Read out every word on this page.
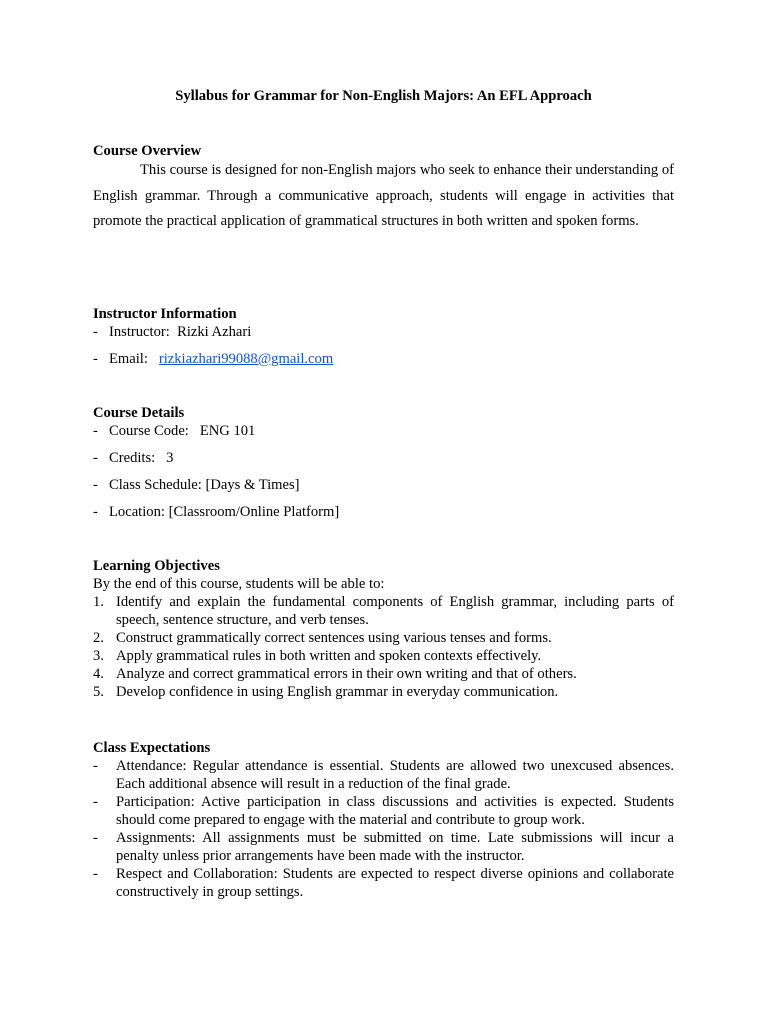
Syllabus for Grammar for Non-English Majors: An EFL Approach
Course Overview
This course is designed for non-English majors who seek to enhance their understanding of English grammar. Through a communicative approach, students will engage in activities that promote the practical application of grammatical structures in both written and spoken forms.
Instructor Information
- Instructor:  Rizki Azhari
- Email:   rizkiazhari99088@gmail.com
Course Details
- Course Code:   ENG 101
- Credits:   3
- Class Schedule: [Days & Times]
- Location: [Classroom/Online Platform]
Learning Objectives
By the end of this course, students will be able to:
1. Identify and explain the fundamental components of English grammar, including parts of speech, sentence structure, and verb tenses.
2. Construct grammatically correct sentences using various tenses and forms.
3. Apply grammatical rules in both written and spoken contexts effectively.
4. Analyze and correct grammatical errors in their own writing and that of others.
5. Develop confidence in using English grammar in everyday communication.
Class Expectations
- Attendance: Regular attendance is essential. Students are allowed two unexcused absences. Each additional absence will result in a reduction of the final grade.
- Participation: Active participation in class discussions and activities is expected. Students should come prepared to engage with the material and contribute to group work.
- Assignments: All assignments must be submitted on time. Late submissions will incur a penalty unless prior arrangements have been made with the instructor.
- Respect and Collaboration: Students are expected to respect diverse opinions and collaborate constructively in group settings.
